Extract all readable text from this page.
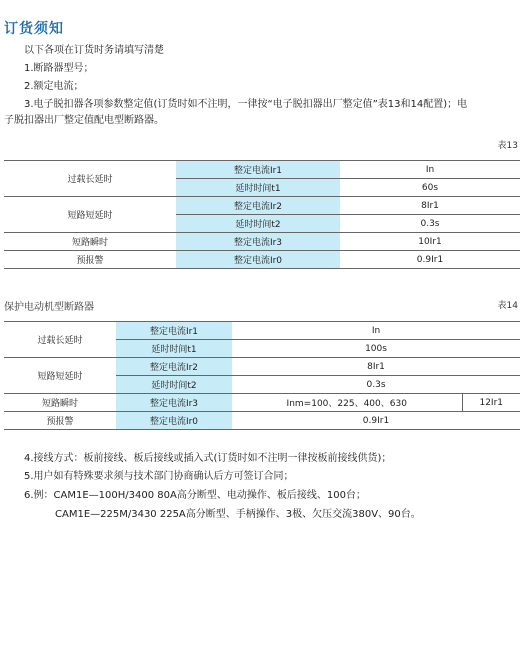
订货须知
以下各项在订货时务请填写清楚
1.断路器型号；
2.额定电流；
3.电子脱扣器各项参数整定值(订货时如不注明，一律按“电子脱扣器出厂整定值”表13和14配置)；电
子脱扣器出厂整定值配电型断路器。
表13
过载长延时	整定电流Ir1	In
	延时时间t1	60s
短路短延时	整定电流Ir2	8Ir1
	延时时间t2	0.3s
短路瞬时	整定电流Ir3	10Ir1
预报警	整定电流Ir0	0.9Ir1
保护电动机型断路器	表14
过载长延时	整定电流Ir1	In	
	延时时间t1	100s	
短路短延时	整定电流Ir2	8Ir1	
	延时时间t2	0.3s	
短路瞬时	整定电流Ir3	Inm=100、225、400、630	12Ir1
预报警	整定电流Ir0	0.9Ir1	
4.接线方式：板前接线、板后接线或插入式(订货时如不注明一律按板前接线供货)；
5.用户如有特殊要求须与技术部门协商确认后方可签订合同；
6.例：CAM1E—100H/3400 80A高分断型、电动操作、板后接线、100台；
CAM1E—225M/3430 225A高分断型、手柄操作、3极、欠压交流380V、90台。
